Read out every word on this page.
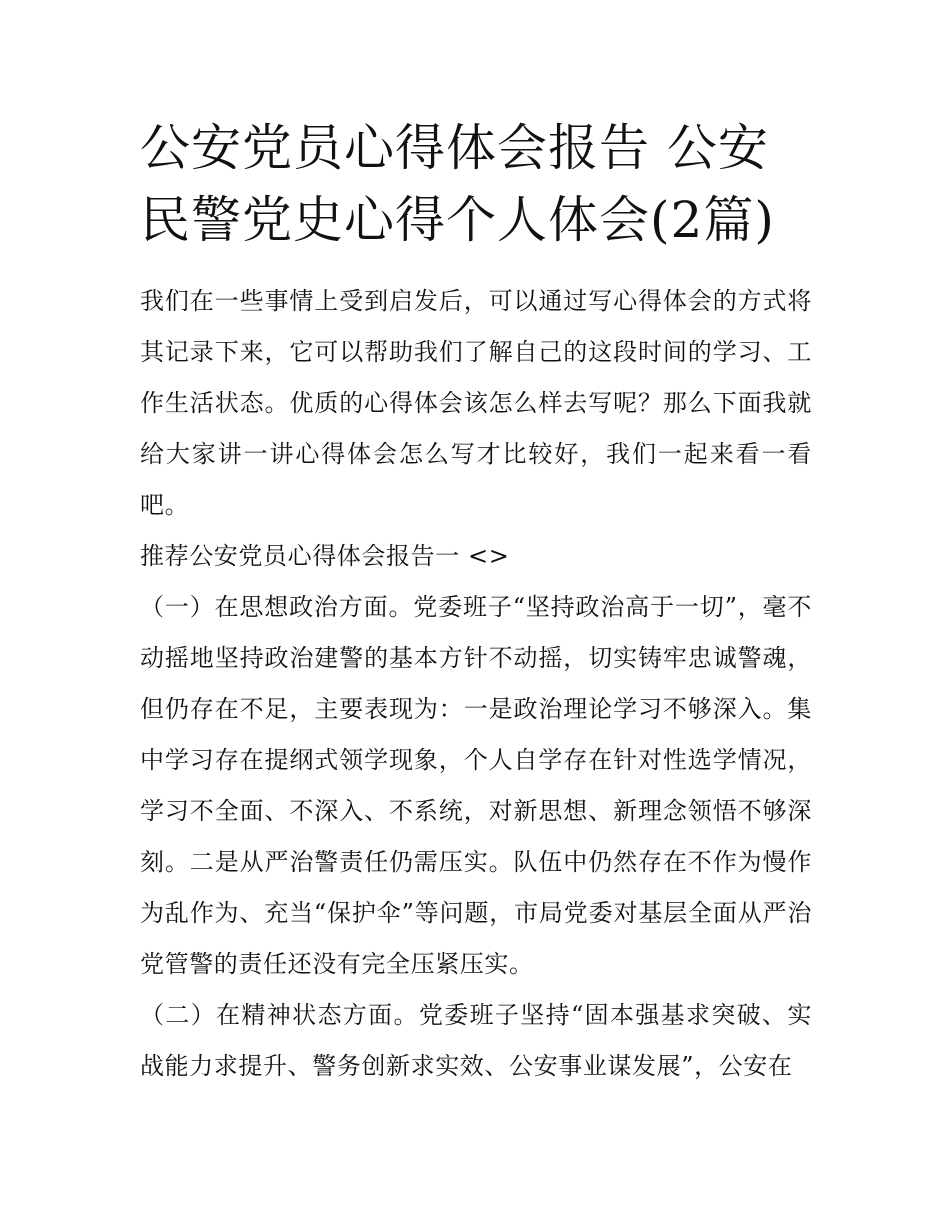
公安党员心得体会报告 公安民警党史心得个人体会(2篇)

我们在一些事情上受到启发后，可以通过写心得体会的方式将其记录下来，它可以帮助我们了解自己的这段时间的学习、工作生活状态。优质的心得体会该怎么样去写呢？那么下面我就给大家讲一讲心得体会怎么写才比较好，我们一起来看一看吧。

推荐公安党员心得体会报告一 <>

（一）在思想政治方面。党委班子“坚持政治高于一切”，毫不动摇地坚持政治建警的基本方针不动摇，切实铸牢忠诚警魂，但仍存在不足，主要表现为：一是政治理论学习不够深入。集中学习存在提纲式领学现象，个人自学存在针对性选学情况，学习不全面、不深入、不系统，对新思想、新理念领悟不够深刻。二是从严治警责任仍需压实。队伍中仍然存在不作为慢作为乱作为、充当“保护伞”等问题，市局党委对基层全面从严治党管警的责任还没有完全压紧压实。

（二）在精神状态方面。党委班子坚持“固本强基求突破、实战能力求提升、警务创新求实效、公安事业谋发展”，公安在
